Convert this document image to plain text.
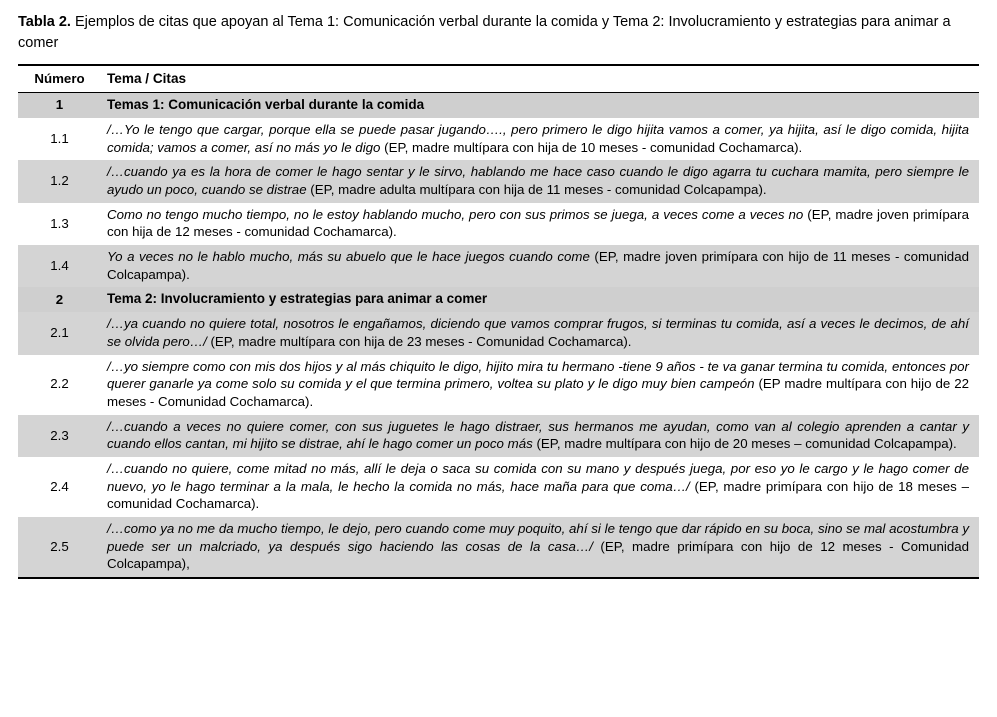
Tabla 2. Ejemplos de citas que apoyan al Tema 1: Comunicación verbal durante la comida y Tema 2: Involucramiento y estrategias para animar a comer

Número	Tema / Citas
1	Temas 1: Comunicación verbal durante la comida
1.1	/…Yo le tengo que cargar, porque ella se puede pasar jugando…., pero primero le digo hijita vamos a comer, ya hijita, así le digo comida, hijita comida; vamos a comer, así no más yo le digo (EP, madre multípara con hija de 10 meses - comunidad Cochamarca).
1.2	/…cuando ya es la hora de comer le hago sentar y le sirvo, hablando me hace caso cuando le digo agarra tu cuchara mamita, pero siempre le ayudo un poco, cuando se distrae (EP, madre adulta multípara con hija de 11 meses - comunidad Colcapampa).
1.3	Como no tengo mucho tiempo, no le estoy hablando mucho, pero con sus primos se juega, a veces come a veces no (EP, madre joven primípara con hija de 12 meses - comunidad Cochamarca).
1.4	Yo a veces no le hablo mucho, más su abuelo que le hace juegos cuando come (EP, madre joven primípara con hijo de 11 meses - comunidad Colcapampa).
2	Tema 2: Involucramiento y estrategias para animar a comer
2.1	/…ya cuando no quiere total, nosotros le engañamos, diciendo que vamos comprar frugos, si terminas tu comida, así a veces le decimos, de ahí se olvida pero…/ (EP, madre multípara con hija de 23 meses - Comunidad Cochamarca).
2.2	/…yo siempre como con mis dos hijos y al más chiquito le digo, hijito mira tu hermano -tiene 9 años - te va ganar termina tu comida, entonces por querer ganarle ya come solo su comida y el que termina primero, voltea su plato y le digo muy bien campeón (EP madre multípara con hijo de 22 meses - Comunidad Cochamarca).
2.3	/…cuando a veces no quiere comer, con sus juguetes le hago distraer, sus hermanos me ayudan, como van al colegio aprenden a cantar y cuando ellos cantan, mi hijito se distrae, ahí le hago comer un poco más (EP, madre multípara con hijo de 20 meses – comunidad Colcapampa).
2.4	/…cuando no quiere, come mitad no más, allí le deja o saca su comida con su mano y después juega, por eso yo le cargo y le hago comer de nuevo, yo le hago terminar a la mala, le hecho la comida no más, hace maña para que coma…/ (EP, madre primípara con hijo de 18 meses – comunidad Cochamarca).
2.5	/…como ya no me da mucho tiempo, le dejo, pero cuando come muy poquito, ahí si le tengo que dar rápido en su boca, sino se mal acostumbra y puede ser un malcriado, ya después sigo haciendo las cosas de la casa…/ (EP, madre primípara con hijo de 12 meses - Comunidad Colcapampa),
